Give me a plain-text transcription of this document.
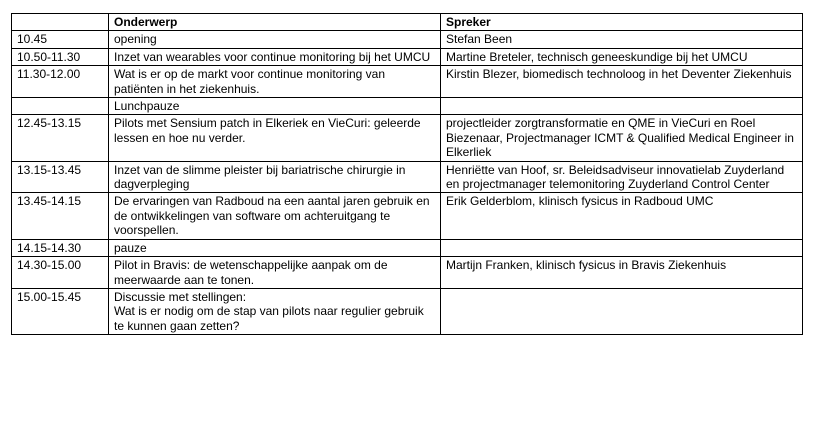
	Onderwerp	Spreker
10.45	opening	Stefan Been
10.50-11.30	Inzet van wearables voor continue monitoring bij het UMCU	Martine Breteler, technisch geneeskundige bij het UMCU
11.30-12.00	Wat is er op de markt voor continue monitoring van patiënten in het ziekenhuis.	Kirstin Blezer, biomedisch technoloog in het Deventer Ziekenhuis
	Lunchpauze	
12.45-13.15	Pilots met Sensium patch in Elkeriek en VieCuri: geleerde lessen en hoe nu verder.	projectleider zorgtransformatie en QME in VieCuri en Roel Biezenaar, Projectmanager ICMT & Qualified Medical Engineer in Elkerliek
13.15-13.45	Inzet van de slimme pleister bij bariatrische chirurgie in dagverpleging	Henriëtte van Hoof, sr. Beleidsadviseur innovatielab Zuyderland en projectmanager telemonitoring Zuyderland Control Center
13.45-14.15	De ervaringen van Radboud na een aantal jaren gebruik en de ontwikkelingen van software om achteruitgang te voorspellen.	Erik Gelderblom, klinisch fysicus in Radboud UMC
14.15-14.30	pauze	
14.30-15.00	Pilot in Bravis: de wetenschappelijke aanpak om de meerwaarde aan te tonen.	Martijn Franken, klinisch fysicus in Bravis Ziekenhuis
15.00-15.45	Discussie met stellingen:
Wat is er nodig om de stap van pilots naar regulier gebruik te kunnen gaan zetten?	
